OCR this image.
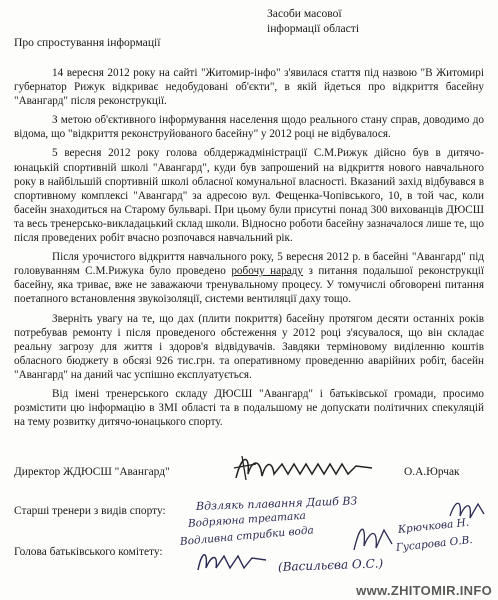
Засоби масової
інформації області
Про спростування інформації

14 вересня 2012 року на сайті "Житомир-інфо" з'явилася стаття під назвою "В Житомирі губернатор Рижук відкриває недобудовані об'єкти", в якій йдеться про відкриття басейну "Авангард" після реконструкції.

З метою об'єктивного інформування населення щодо реального стану справ, доводимо до відома, що "відкриття реконструйованого басейну" у 2012 році не відбувалося.

5 вересня 2012 року голова облдержадміністрації С.М.Рижук дійсно був в дитячо-юнацькій спортивній школі "Авангард", куди був запрошений на відкриття нового навчального року в найбільшій спортивній школі обласної комунальної власності. Вказаний захід відбувався в спортивному комплексі "Авангард" за адресою вул. Фещенка-Чопівського, 10, в той час, коли басейн знаходиться на Старому бульварі. При цьому були присутні понад 300 вихованців ДЮСШ та весь тренерсько-викладацький склад школи. Відносно роботи басейну зазначалося лише те, що після проведених робіт вчасно розпочався навчальний рік.

Після урочистого відкриття навчального року, 5 вересня 2012 р. в басейні "Авангард" під головуванням С.М.Рижука було проведено робочу нараду з питання подальшої реконструкції басейну, яка триває, вже не заважаючи тренувальному процесу. У томучислі обговорені питання поетапного встановлення звукоізоляції, системи вентиляції даху тощо.

Зверніть увагу на те, що дах (плити покриття) басейну протягом десяти останніх років потребував ремонту і після проведеного обстеження у 2012 році з'ясувалося, що він складає реальну загрозу для життя і здоров'я відвідувачів. Завдяки терміновому виділенню коштів обласного бюджету в обсязі 926 тис.грн. та оперативному проведенню аварійних робіт, басейн "Авангард" на даний час успішно експлуатується.

Від імені тренерського складу ДЮСШ "Авангард" і батьківської громади, просимо розмістити цю інформацію в ЗМІ області та в подальшому не допускати політичних спекуляцій на тему розвитку дитячо-юнацького спорту.

Директор ЖДЮСШ "Авангард"	О.А.Юрчак
Старші тренери з видів спорту:	Вдзлякь плавання Дашб ВЗ
Водряюна треатака
Водливна стрибки вода	Крючкова Н.
Гусарова О.В.
Голова батьківського комітету:
(Васильєва О.С.)
www.ZHITOMIR.INFO
